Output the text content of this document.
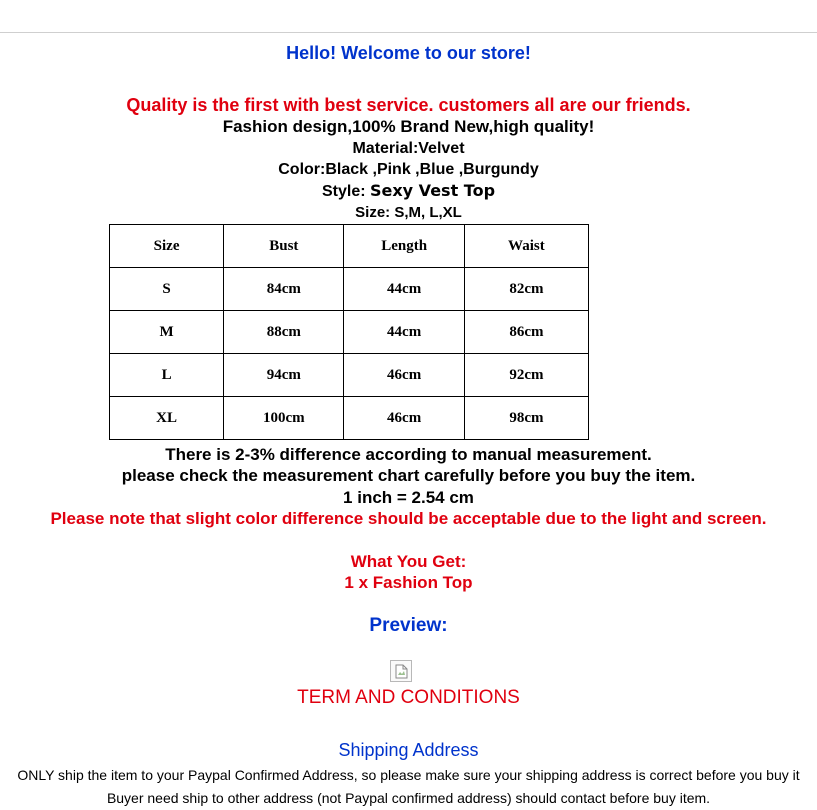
Hello! Welcome to our store!
Quality is the first with best service. customers all are our friends.
Fashion design,100% Brand New,high quality!
Material:Velvet
Color:Black ,Pink ,Blue ,Burgundy
Style: Sexy Vest Top
Size: S,M, L,XL
Size	Bust	Length	Waist
S	84cm	44cm	82cm
M	88cm	44cm	86cm
L	94cm	46cm	92cm
XL	100cm	46cm	98cm
There is 2-3% difference according to manual measurement.
please check the measurement chart carefully before you buy the item.
1 inch = 2.54 cm
Please note that slight color difference should be acceptable due to the light and screen.
What You Get:
1 x Fashion Top
Preview:
TERM AND CONDITIONS
Shipping Address
ONLY ship the item to your Paypal Confirmed Address, so please make sure your shipping address is correct before you buy it
Buyer need ship to other address (not Paypal confirmed address) should contact before buy item.
